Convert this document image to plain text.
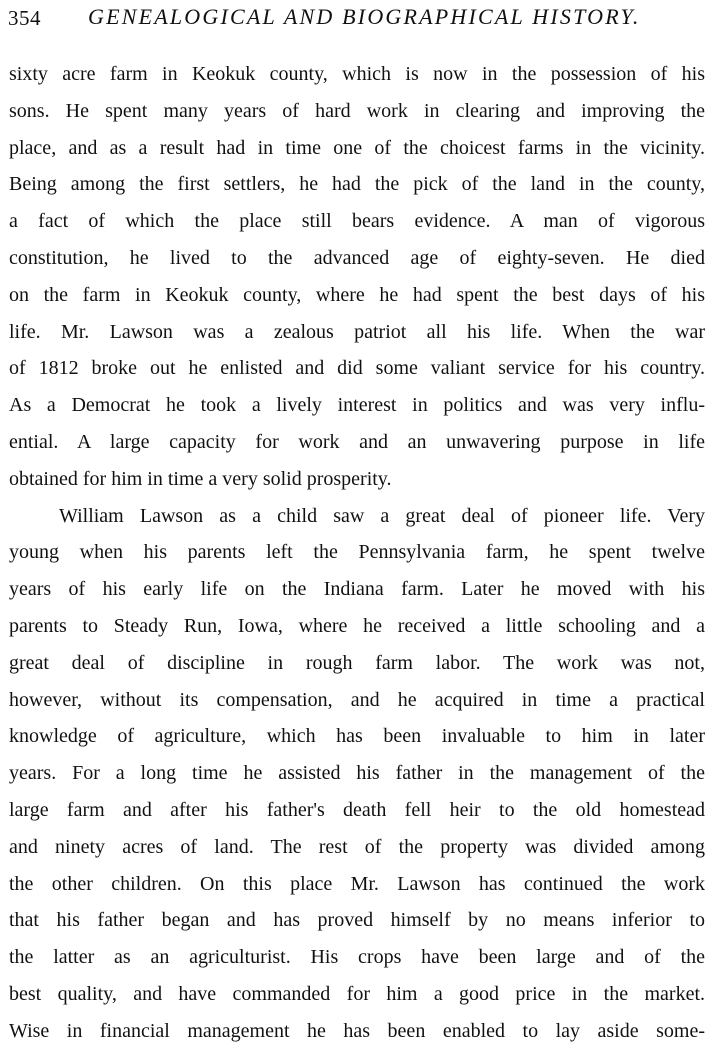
354 GENEALOGICAL AND BIOGRAPHICAL HISTORY.
sixty acre farm in Keokuk county, which is now in the possession of his
sons. He spent many years of hard work in clearing and improving the
place, and as a result had in time one of the choicest farms in the vicinity.
Being among the first settlers, he had the pick of the land in the county,
a fact of which the place still bears evidence. A man of vigorous
constitution, he lived to the advanced age of eighty-seven. He died
on the farm in Keokuk county, where he had spent the best days of his
life. Mr. Lawson was a zealous patriot all his life. When the war
of 1812 broke out he enlisted and did some valiant service for his country.
As a Democrat he took a lively interest in politics and was very influ-
ential. A large capacity for work and an unwavering purpose in life
obtained for him in time a very solid prosperity.
William Lawson as a child saw a great deal of pioneer life. Very
young when his parents left the Pennsylvania farm, he spent twelve
years of his early life on the Indiana farm. Later he moved with his
parents to Steady Run, Iowa, where he received a little schooling and a
great deal of discipline in rough farm labor. The work was not,
however, without its compensation, and he acquired in time a practical
knowledge of agriculture, which has been invaluable to him in later
years. For a long time he assisted his father in the management of the
large farm and after his father's death fell heir to the old homestead
and ninety acres of land. The rest of the property was divided among
the other children. On this place Mr. Lawson has continued the work
that his father began and has proved himself by no means inferior to
the latter as an agriculturist. His crops have been large and of the
best quality, and have commanded for him a good price in the market.
Wise in financial management he has been enabled to lay aside some-
